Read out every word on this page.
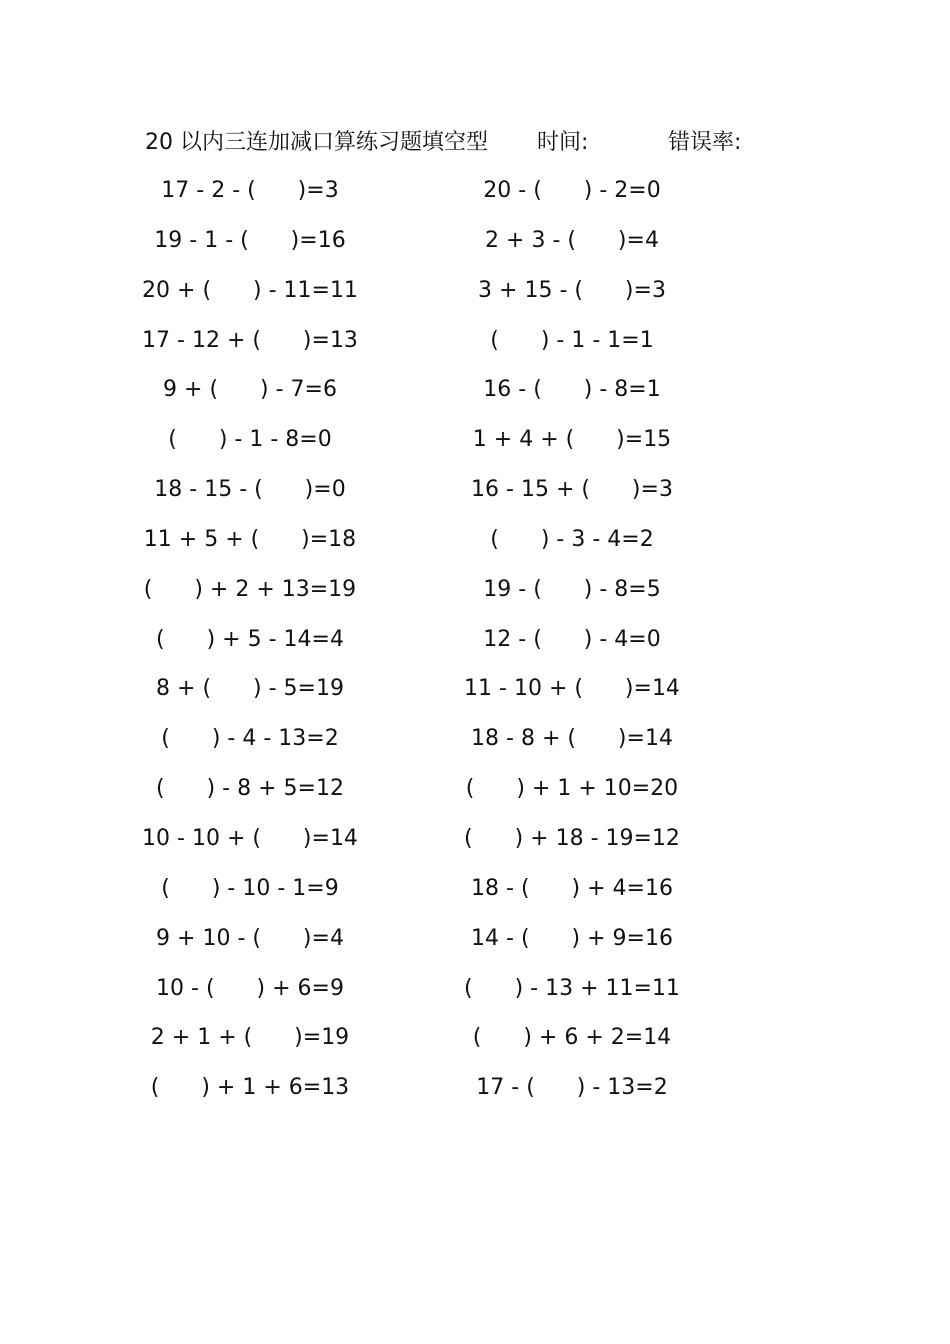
20 以内三连加减口算练习题填空型 时间:	错误率:
17 - 2 - (      )=3
19 - 1 - (      )=16
20 + (      ) - 11=11
17 - 12 + (      )=13
9 + (      ) - 7=6
(      ) - 1 - 8=0
18 - 15 - (      )=0
11 + 5 + (      )=18
(      ) + 2 + 13=19
(      ) + 5 - 14=4
8 + (      ) - 5=19
(      ) - 4 - 13=2
(      ) - 8 + 5=12
10 - 10 + (      )=14
(      ) - 10 - 1=9
9 + 10 - (      )=4
10 - (      ) + 6=9
2 + 1 + (      )=19
(      ) + 1 + 6=13
20 - (      ) - 2=0
2 + 3 - (      )=4
3 + 15 - (      )=3
(      ) - 1 - 1=1
16 - (      ) - 8=1
1 + 4 + (      )=15
16 - 15 + (      )=3
(      ) - 3 - 4=2
19 - (      ) - 8=5
12 - (      ) - 4=0
11 - 10 + (      )=14
18 - 8 + (      )=14
(      ) + 1 + 10=20
(      ) + 18 - 19=12
18 - (      ) + 4=16
14 - (      ) + 9=16
(      ) - 13 + 11=11
(      ) + 6 + 2=14
17 - (      ) - 13=2
